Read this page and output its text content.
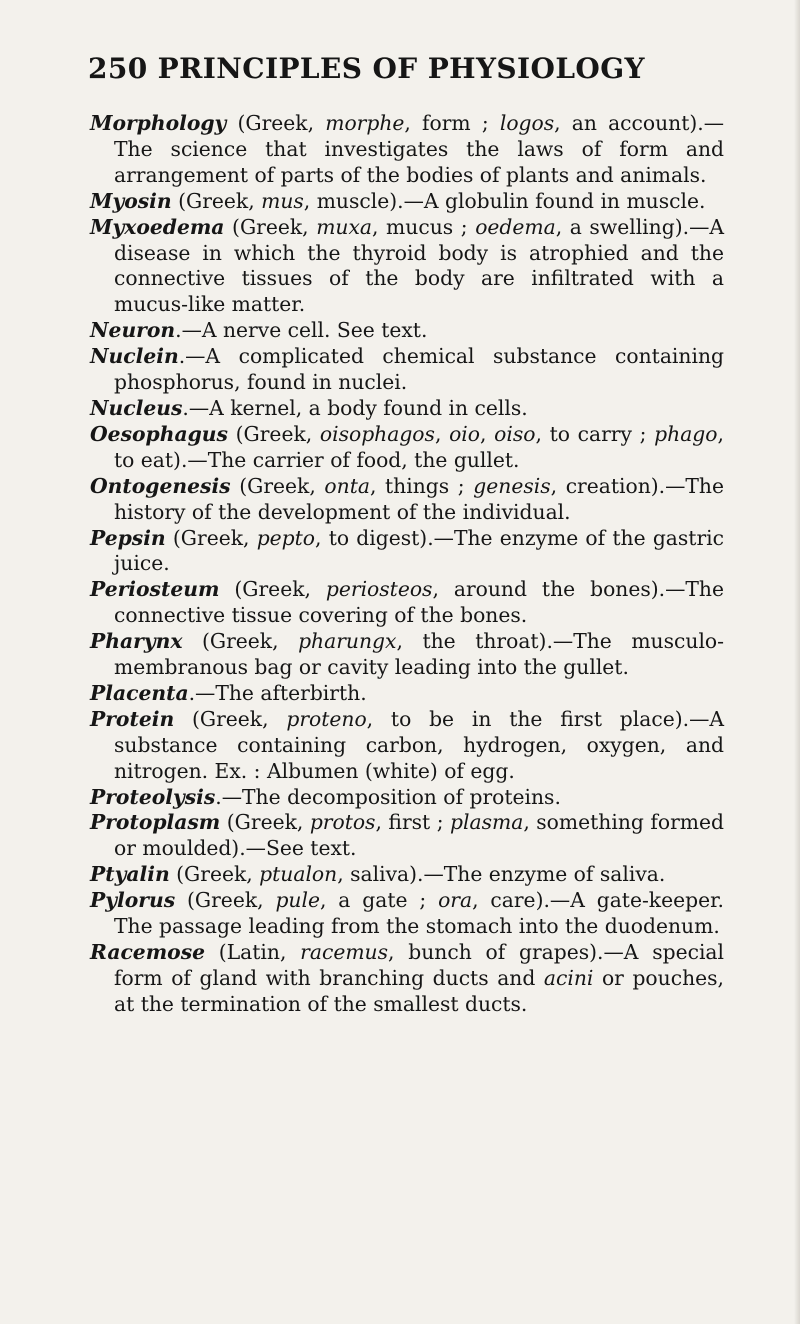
250 PRINCIPLES OF PHYSIOLOGY

Morphology (Greek, morphe, form ; logos, an account).—The science that investigates the laws of form and arrangement of parts of the bodies of plants and animals.

Myosin (Greek, mus, muscle).—A globulin found in muscle.

Myxoedema (Greek, muxa, mucus ; oedema, a swelling).—A disease in which the thyroid body is atrophied and the connective tissues of the body are infiltrated with a mucus-like matter.

Neuron.—A nerve cell. See text.

Nuclein.—A complicated chemical substance containing phosphorus, found in nuclei.

Nucleus.—A kernel, a body found in cells.

Oesophagus (Greek, oisophagos, oio, oiso, to carry ; phago, to eat).—The carrier of food, the gullet.

Ontogenesis (Greek, onta, things ; genesis, creation).—The history of the development of the individual.

Pepsin (Greek, pepto, to digest).—The enzyme of the gastric juice.

Periosteum (Greek, periosteos, around the bones).—The connective tissue covering of the bones.

Pharynx (Greek, pharungx, the throat).—The musculo-membranous bag or cavity leading into the gullet.

Placenta.—The afterbirth.

Protein (Greek, proteno, to be in the first place).—A substance containing carbon, hydrogen, oxygen, and nitrogen. Ex. : Albumen (white) of egg.

Proteolysis.—The decomposition of proteins.

Protoplasm (Greek, protos, first ; plasma, something formed or moulded).—See text.

Ptyalin (Greek, ptualon, saliva).—The enzyme of saliva.

Pylorus (Greek, pule, a gate ; ora, care).—A gate-keeper. The passage leading from the stomach into the duodenum.

Racemose (Latin, racemus, bunch of grapes).—A special form of gland with branching ducts and acini or pouches, at the termination of the smallest ducts.
